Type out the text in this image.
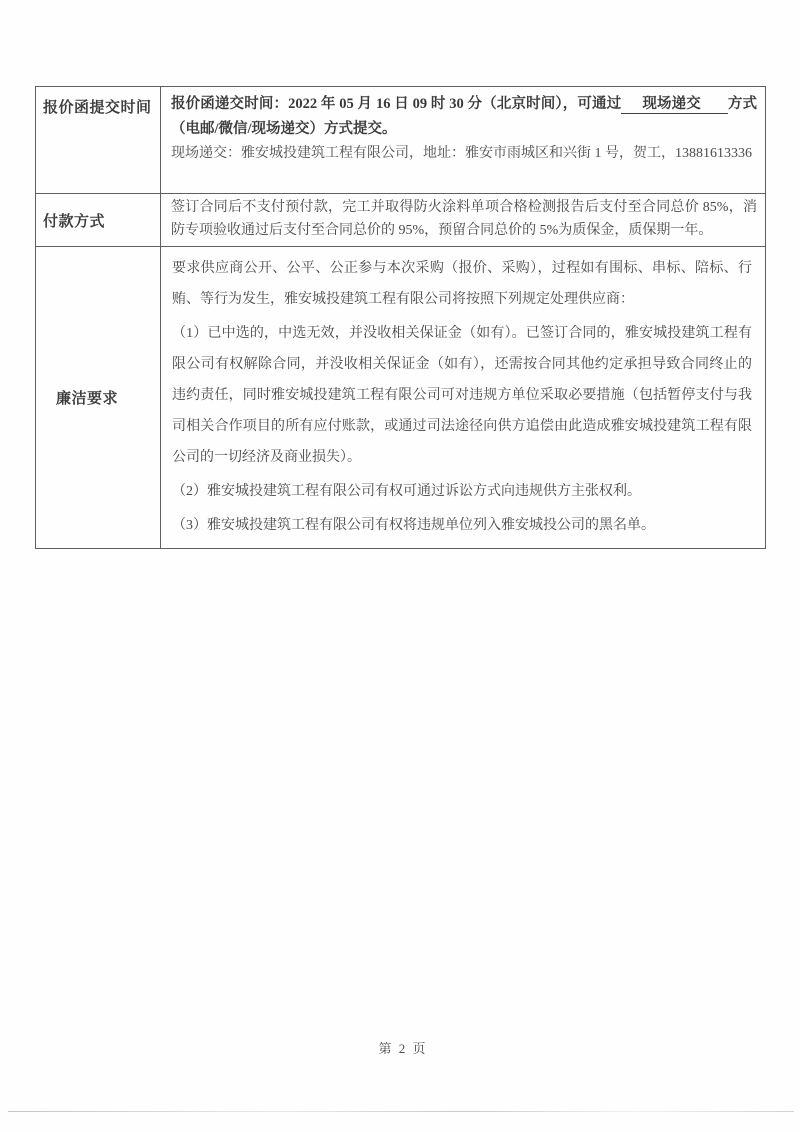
报价函提交时间	报价函递交时间：2022 年 05 月 16 日 09 时 30 分（北京时间），可通过 现场递交 方式（电邮/微信/现场递交）方式提交。

现场递交：雅安城投建筑工程有限公司，地址：雅安市雨城区和兴街 1 号，贺工，13881613336

付款方式	签订合同后不支付预付款，完工并取得防火涂料单项合格检测报告后支付至合同总价 85%，消防专项验收通过后支付至合同总价的 95%，预留合同总价的 5%为质保金，质保期一年。

廉洁要求	要求供应商公开、公平、公正参与本次采购（报价、采购），过程如有围标、串标、陪标、行贿、等行为发生，雅安城投建筑工程有限公司将按照下列规定处理供应商：

（1）已中选的，中选无效，并没收相关保证金（如有）。已签订合同的，雅安城投建筑工程有限公司有权解除合同，并没收相关保证金（如有），还需按合同其他约定承担导致合同终止的违约责任，同时雅安城投建筑工程有限公司可对违规方单位采取必要措施（包括暂停支付与我司相关合作项目的所有应付账款，或通过司法途径向供方追偿由此造成雅安城投建筑工程有限公司的一切经济及商业损失）。

（2）雅安城投建筑工程有限公司有权可通过诉讼方式向违规供方主张权利。

（3）雅安城投建筑工程有限公司有权将违规单位列入雅安城投公司的黑名单。

第 2 页
